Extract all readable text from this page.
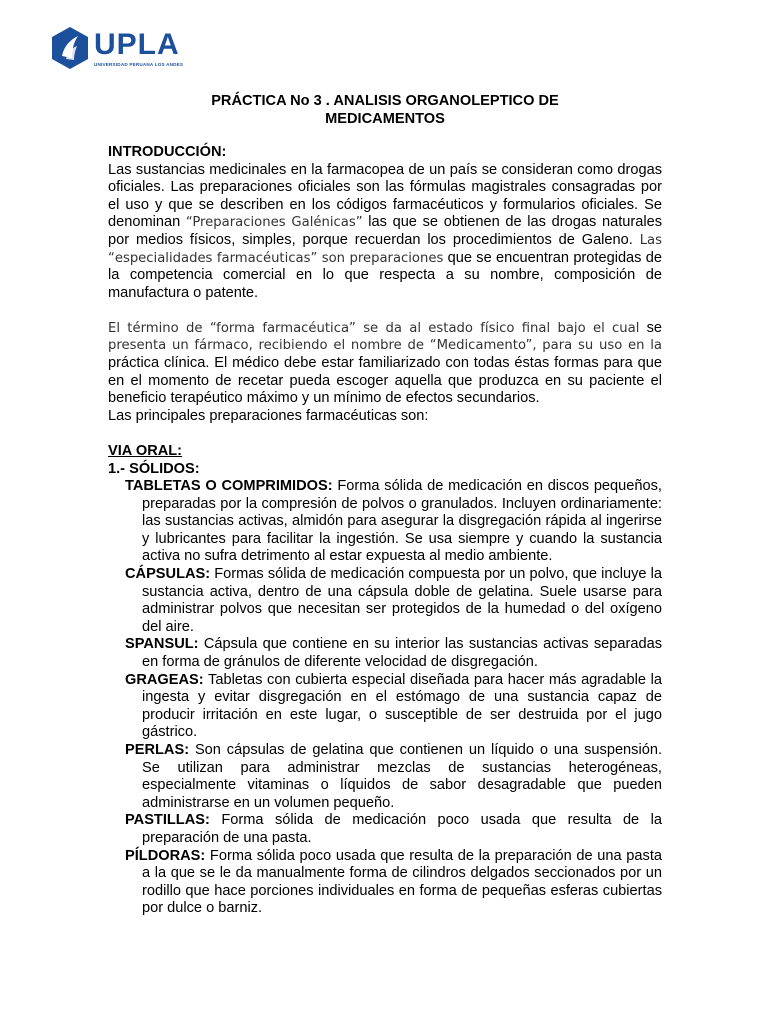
UPLA
UNIVERSIDAD PERUANA LOS ANDES
PRÁCTICA No 3 . ANALISIS ORGANOLEPTICO DE
MEDICAMENTOS
INTRODUCCIÓN:

Las sustancias medicinales en la farmacopea de un país se consideran como drogas oficiales. Las preparaciones oficiales son las fórmulas magistrales consagradas por el uso y que se describen en los códigos farmacéuticos y formularios oficiales. Se denominan “Preparaciones Galénicas” las que se obtienen de las drogas naturales por medios físicos, simples, porque recuerdan los procedimientos de Galeno. Las “especialidades farmacéuticas” son preparaciones que se encuentran protegidas de la competencia comercial en lo que respecta a su nombre, composición de manufactura o patente.

El término de “forma farmacéutica” se da al estado físico final bajo el cual se presenta un fármaco, recibiendo el nombre de “Medicamento”, para su uso en la práctica clínica. El médico debe estar familiarizado con todas éstas formas para que en el momento de recetar pueda escoger aquella que produzca en su paciente el beneficio terapéutico máximo y un mínimo de efectos secundarios.

Las principales preparaciones farmacéuticas son:

VIA ORAL:
1.- SÓLIDOS:

TABLETAS O COMPRIMIDOS: Forma sólida de medicación en discos pequeños, preparadas por la compresión de polvos o granulados. Incluyen ordinariamente: las sustancias activas, almidón para asegurar la disgregación rápida al ingerirse y lubricantes para facilitar la ingestión. Se usa siempre y cuando la sustancia activa no sufra detrimento al estar expuesta al medio ambiente.

CÁPSULAS: Formas sólida de medicación compuesta por un polvo, que incluye la sustancia activa, dentro de una cápsula doble de gelatina. Suele usarse para administrar polvos que necesitan ser protegidos de la humedad o del oxígeno del aire.

SPANSUL: Cápsula que contiene en su interior las sustancias activas separadas en forma de gránulos de diferente velocidad de disgregación.

GRAGEAS: Tabletas con cubierta especial diseñada para hacer más agradable la ingesta y evitar disgregación en el estómago de una sustancia capaz de producir irritación en este lugar, o susceptible de ser destruida por el jugo gástrico.

PERLAS: Son cápsulas de gelatina que contienen un líquido o una suspensión. Se utilizan para administrar mezclas de sustancias heterogéneas, especialmente vitaminas o líquidos de sabor desagradable que pueden administrarse en un volumen pequeño.

PASTILLAS: Forma sólida de medicación poco usada que resulta de la preparación de una pasta.

PÍLDORAS: Forma sólida poco usada que resulta de la preparación de una pasta a la que se le da manualmente forma de cilindros delgados seccionados por un rodillo que hace porciones individuales en forma de pequeñas esferas cubiertas por dulce o barniz.
